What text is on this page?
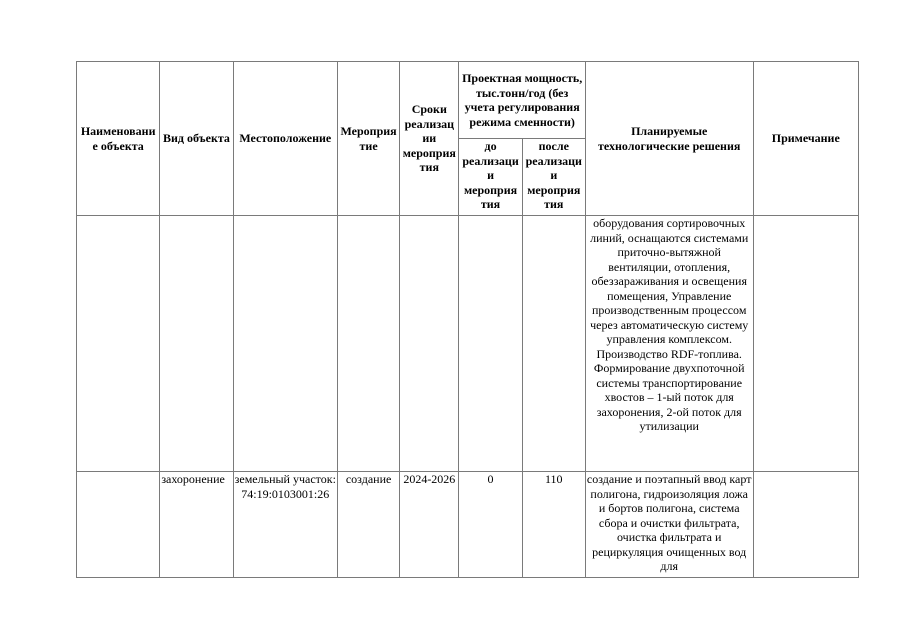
Наименовани е объекта	Вид объекта	Местоположение	Мероприя тие	Сроки реализац ии мероприя тия	Проектная мощность, тыс.тонн/год (без учета регулирования режима сменности)		Планируемые технологические решения	Примечание
					до реализаци и мероприя тия	после реализаци и мероприя тия		
							оборудования сортировочных линий, оснащаются системами приточно-вытяжной вентиляции, отопления, обеззараживания и освещения помещения, Управление производственным процессом через автоматическую систему управления комплексом. Производство RDF-топлива. Формирование двухпоточной системы транспортирование хвостов – 1-ый поток для захоронения, 2-ой поток для утилизации	
	захоронение	земельный участок: 74:19:0103001:26	создание	2024-2026	0	110	создание и поэтапный ввод карт полигона, гидроизоляция ложа и бортов полигона, система сбора и очистки фильтрата, очистка фильтрата и рециркуляция очищенных вод для	
